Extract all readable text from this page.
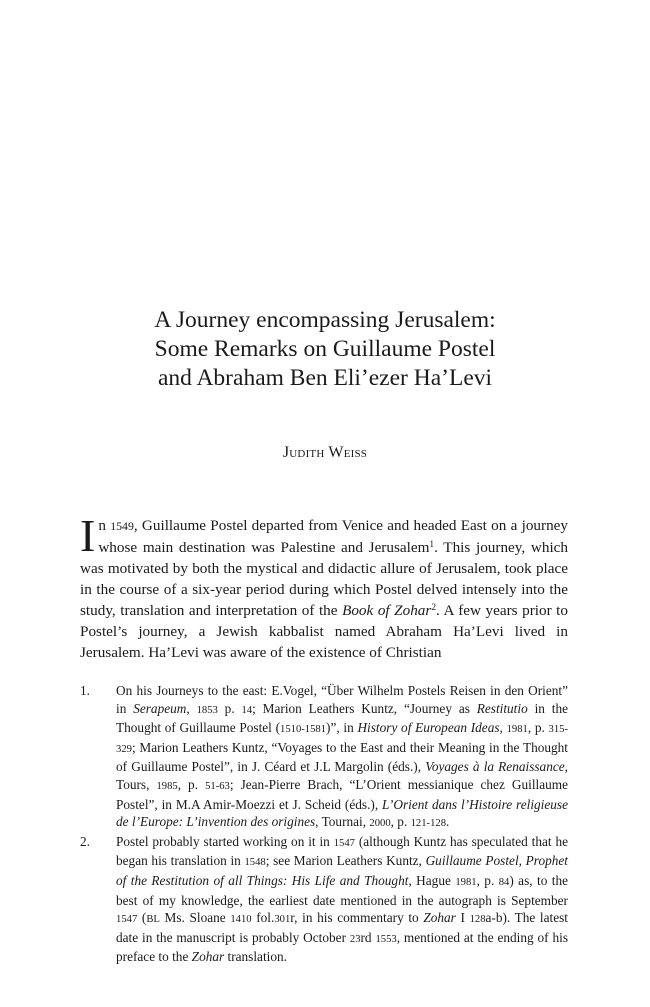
A Journey encompassing Jerusalem:
Some Remarks on Guillaume Postel
and Abraham Ben Eli’ezer Ha’Levi
Judith Weiss
In 1549, Guillaume Postel departed from Venice and headed East on a journey whose main destination was Palestine and Jerusalem$^1$. This journey, which was motivated by both the mystical and didactic allure of Jerusalem, took place in the course of a six-year period during which Postel delved intensely into the study, translation and interpretation of the Book of Zohar$^2$. A few years prior to Postel’s journey, a Jewish kabbalist named Abraham Ha’Levi lived in Jerusalem. Ha’Levi was aware of the existence of Christian
1.	On his Journeys to the east: E.Vogel, “Über Wilhelm Postels Reisen in den Orient” in Serapeum, 1853 p. 14; Marion Leathers Kuntz, “Journey as Restitutio in the Thought of Guillaume Postel (1510-1581)”, in History of European Ideas, 1981, p. 315-329; Marion Leathers Kuntz, “Voyages to the East and their Meaning in the Thought of Guillaume Postel”, in J. Céard et J.L Margolin (éds.), Voyages à la Renaissance, Tours, 1985, p. 51-63; Jean-Pierre Brach, “L’Orient messianique chez Guillaume Postel”, in M.A Amir-Moezzi et J. Scheid (éds.), L’Orient dans l’Histoire religieuse de l’Europe: L’invention des origines, Tournai, 2000, p. 121-128.
2.	Postel probably started working on it in 1547 (although Kuntz has speculated that he began his translation in 1548; see Marion Leathers Kuntz, Guillaume Postel, Prophet of the Restitution of all Things: His Life and Thought, Hague 1981, p. 84) as, to the best of my knowledge, the earliest date mentioned in the autograph is September 1547 (BL Ms. Sloane 1410 fol.301r, in his commentary to Zohar I 128a-b). The latest date in the manuscript is probably October 23rd 1553, mentioned at the ending of his preface to the Zohar translation.
